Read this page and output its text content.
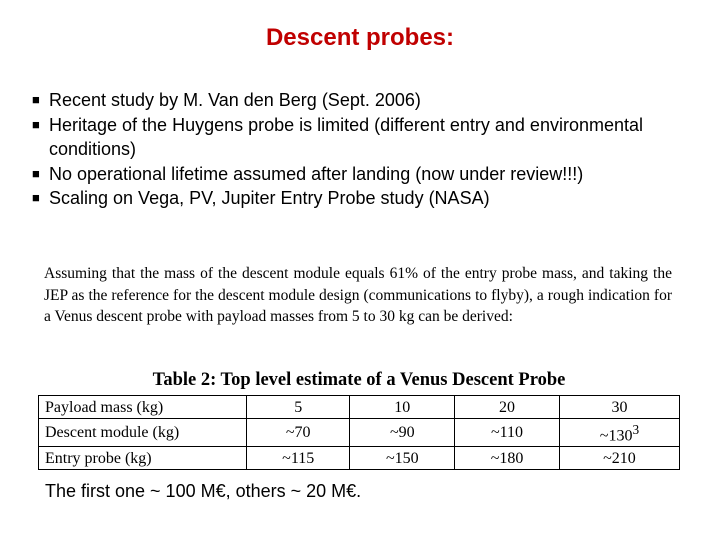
Descent probes:
■ Recent study by M. Van den Berg (Sept. 2006)
■ Heritage of the Huygens probe is limited (different entry and environmental conditions)
■ No operational lifetime assumed after landing (now under review!!!)
■ Scaling on Vega, PV, Jupiter Entry Probe study (NASA)

Assuming that the mass of the descent module equals 61% of the entry probe mass, and taking the JEP as the reference for the descent module design (communications to flyby), a rough indication for a Venus descent probe with payload masses from 5 to 30 kg can be derived:

Table 2: Top level estimate of a Venus Descent Probe
Payload mass (kg)	5	10	20	30
Descent module (kg)	~70	~90	~110	$\sim 130^3$
Entry probe (kg)	~115	~150	~180	~210
The first one ~ 100 M€, others ~ 20 M€.
